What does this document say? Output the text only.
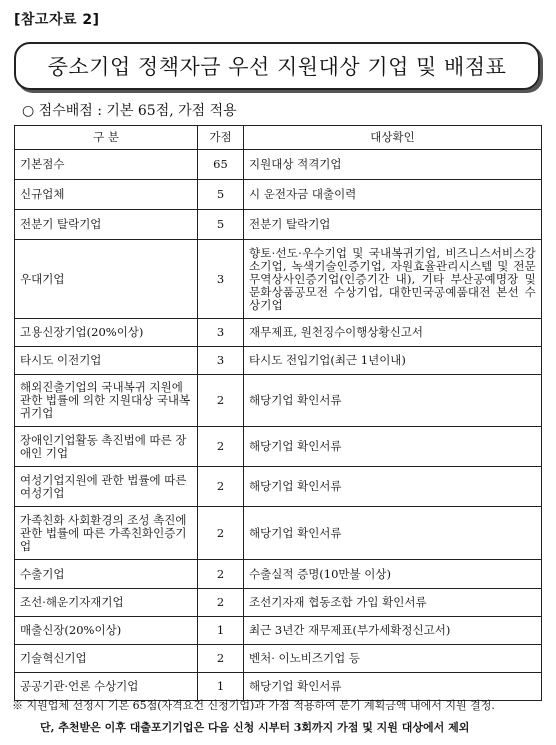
[참고자료 2]
중소기업 정책자금 우선 지원대상 기업 및 배점표
○ 점수배점 : 기본 65점, 가점 적용
구 분	가점	대상확인
기본점수	65	지원대상 적격기업
신규업체	5	시 운전자금 대출이력
전분기 탈락기업	5	전분기 탈락기업
우대기업	3	향토·선도·우수기업 및 국내복귀기업, 비즈니스서비스강소기업, 녹색기술인증기업, 자원효율관리시스템 및 전문무역상사인증기업(인증기간 내), 기타 부산공예명장 및 문화상품공모전 수상기업, 대한민국공예품대전 본선 수상기업
고용신장기업(20%이상)	3	재무제표, 원천징수이행상황신고서
타시도 이전기업	3	타시도 전입기업(최근 1년이내)
해외진출기업의 국내복귀 지원에 관한 법률에 의한 지원대상 국내복귀기업	2	해당기업 확인서류
장애인기업활동 촉진법에 따른 장애인 기업	2	해당기업 확인서류
여성기업지원에 관한 법률에 따른 여성기업	2	해당기업 확인서류
가족친화 사회환경의 조성 촉진에 관한 법률에 따른 가족친화인증기업	2	해당기업 확인서류
수출기업	2	수출실적 증명(10만불 이상)
조선·해운기자재기업	2	조선기자재 협동조합 가입 확인서류
매출신장(20%이상)	1	최근 3년간 재무제표(부가세확정신고서)
기술혁신기업	2	벤처· 이노비즈기업 등
공공기관·언론 수상기업	1	해당기업 확인서류
※ 지원업체 선정시 기본 65점(자격요건 신청기업)과 가점 적용하여 분기 계획금액 내에서 지원 결정.
단, 추천받은 이후 대출포기기업은 다음 신청 시부터 3회까지 가점 및 지원 대상에서 제외
